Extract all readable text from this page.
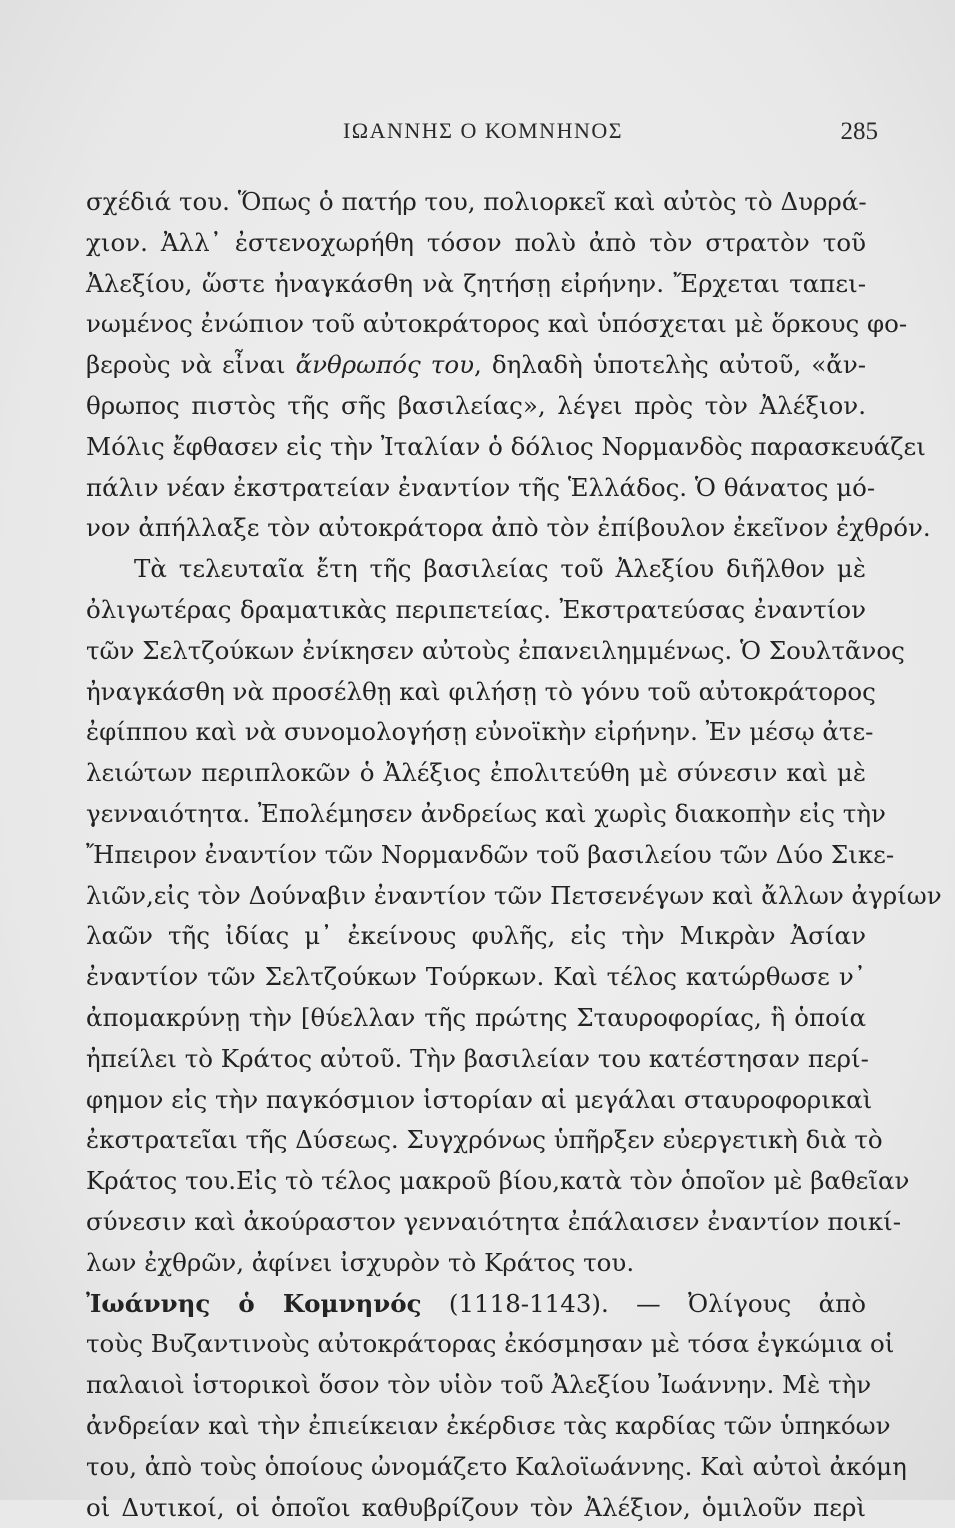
ΙΩΑΝΝΗΣ Ο ΚΟΜΝΗΝΟΣ	285
σχέδιά του. Ὅπως ὁ πατήρ του, πολιορκεῖ καὶ αὐτὸς τὸ Δυρρά-
χιον. Ἀλλ᾽ ἐστενοχωρήθη τόσον πολὺ ἀπὸ τὸν στρατὸν τοῦ
Ἀλεξίου, ὥστε ἠναγκάσθη νὰ ζητήσῃ εἰρήνην. Ἔρχεται ταπει-
νωμένος ἐνώπιον τοῦ αὐτοκράτορος καὶ ὑπόσχεται μὲ ὅρκους φο-
βεροὺς νὰ εἶναι ἄνθρωπός του, δηλαδὴ ὑποτελὴς αὐτοῦ, «ἄν-
θρωπος πιστὸς τῆς σῆς βασιλείας», λέγει πρὸς τὸν Ἀλέξιον.
Μόλις ἔφθασεν εἰς τὴν Ἰταλίαν ὁ δόλιος Νορμανδὸς παρασκευάζει
πάλιν νέαν ἐκστρατείαν ἐναντίον τῆς Ἑλλάδος. Ὁ θάνατος μό-
νον ἀπήλλαξε τὸν αὐτοκράτορα ἀπὸ τὸν ἐπίβουλον ἐκεῖνον ἐχθρόν.
Τὰ τελευταῖα ἔτη τῆς βασιλείας τοῦ Ἀλεξίου διῆλθον μὲ
ὀλιγωτέρας δραματικὰς περιπετείας. Ἐκστρατεύσας ἐναντίον
τῶν Σελτζούκων ἐνίκησεν αὐτοὺς ἐπανειλημμένως. Ὁ Σουλτᾶνος
ἠναγκάσθη νὰ προσέλθῃ καὶ φιλήσῃ τὸ γόνυ τοῦ αὐτοκράτορος
ἐφίππου καὶ νὰ συνομολογήσῃ εὐνοϊκὴν εἰρήνην. Ἐν μέσῳ ἀτε-
λειώτων περιπλοκῶν ὁ Ἀλέξιος ἐπολιτεύθη μὲ σύνεσιν καὶ μὲ
γενναιότητα. Ἐπολέμησεν ἀνδρείως καὶ χωρὶς διακοπὴν εἰς τὴν
Ἤπειρον ἐναντίον τῶν Νορμανδῶν τοῦ βασιλείου τῶν Δύο Σικε-
λιῶν,εἰς τὸν Δούναβιν ἐναντίον τῶν Πετσενέγων καὶ ἄλλων ἀγρίων
λαῶν τῆς ἰδίας μ᾽ ἐκείνους φυλῆς, εἰς τὴν Μικρὰν Ἀσίαν
ἐναντίον τῶν Σελτζούκων Τούρκων. Καὶ τέλος κατώρθωσε ν᾽
ἀπομακρύνῃ τὴν [θύελλαν τῆς πρώτης Σταυροφορίας, ἣ ὁποία
ἠπείλει τὸ Κράτος αὐτοῦ. Τὴν βασιλείαν του κατέστησαν περί-
φημον εἰς τὴν παγκόσμιον ἱστορίαν αἱ μεγάλαι σταυροφορικαὶ
ἐκστρατεῖαι τῆς Δύσεως. Συγχρόνως ὑπῆρξεν εὐεργετικὴ διὰ τὸ
Κράτος του.Εἰς τὸ τέλος μακροῦ βίου,κατὰ τὸν ὁποῖον μὲ βαθεῖαν
σύνεσιν καὶ ἀκούραστον γενναιότητα ἐπάλαισεν ἐναντίον ποικί-
λων ἐχθρῶν, ἀφίνει ἰσχυρὸν τὸ Κράτος του.
Ἰωάννης ὁ Κομνηνός (1118-1143). — Ὀλίγους ἀπὸ
τοὺς Βυζαντινοὺς αὐτοκράτορας ἐκόσμησαν μὲ τόσα ἐγκώμια οἱ
παλαιοὶ ἱστορικοὶ ὅσον τὸν υἱὸν τοῦ Ἀλεξίου Ἰωάννην. Μὲ τὴν
ἀνδρείαν καὶ τὴν ἐπιείκειαν ἐκέρδισε τὰς καρδίας τῶν ὑπηκόων
του, ἀπὸ τοὺς ὁποίους ὠνομάζετο Καλοϊωάννης. Καὶ αὐτοὶ ἀκόμη
οἱ Δυτικοί, οἱ ὁποῖοι καθυβρίζουν τὸν Ἀλέξιον, ὁμιλοῦν περὶ
